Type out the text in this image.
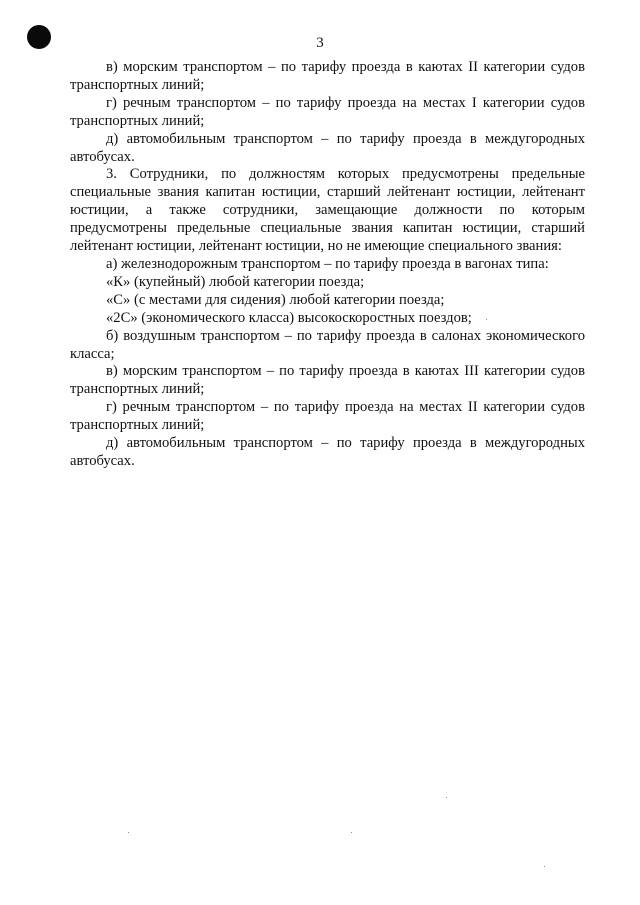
3

в) морским транспортом – по тарифу проезда в каютах II категории судов транспортных линий;

г) речным транспортом – по тарифу проезда на местах I категории судов транспортных линий;

д) автомобильным транспортом – по тарифу проезда в междугородных автобусах.

3. Сотрудники, по должностям которых предусмотрены предельные специальные звания капитан юстиции, старший лейтенант юстиции, лейтенант юстиции, а также сотрудники, замещающие должности по которым предусмотрены предельные специальные звания капитан юстиции, старший лейтенант юстиции, лейтенант юстиции, но не имеющие специального звания:

а) железнодорожным транспортом – по тарифу проезда в вагонах типа:

«К» (купейный) любой категории поезда;

«С» (с местами для сидения) любой категории поезда;

«2С» (экономического класса) высокоскоростных поездов;

б) воздушным транспортом – по тарифу проезда в салонах экономического класса;

в) морским транспортом – по тарифу проезда в каютах III категории судов транспортных линий;

г) речным транспортом – по тарифу проезда на местах II категории судов транспортных линий;

д) автомобильным транспортом – по тарифу проезда в междугородных автобусах.
